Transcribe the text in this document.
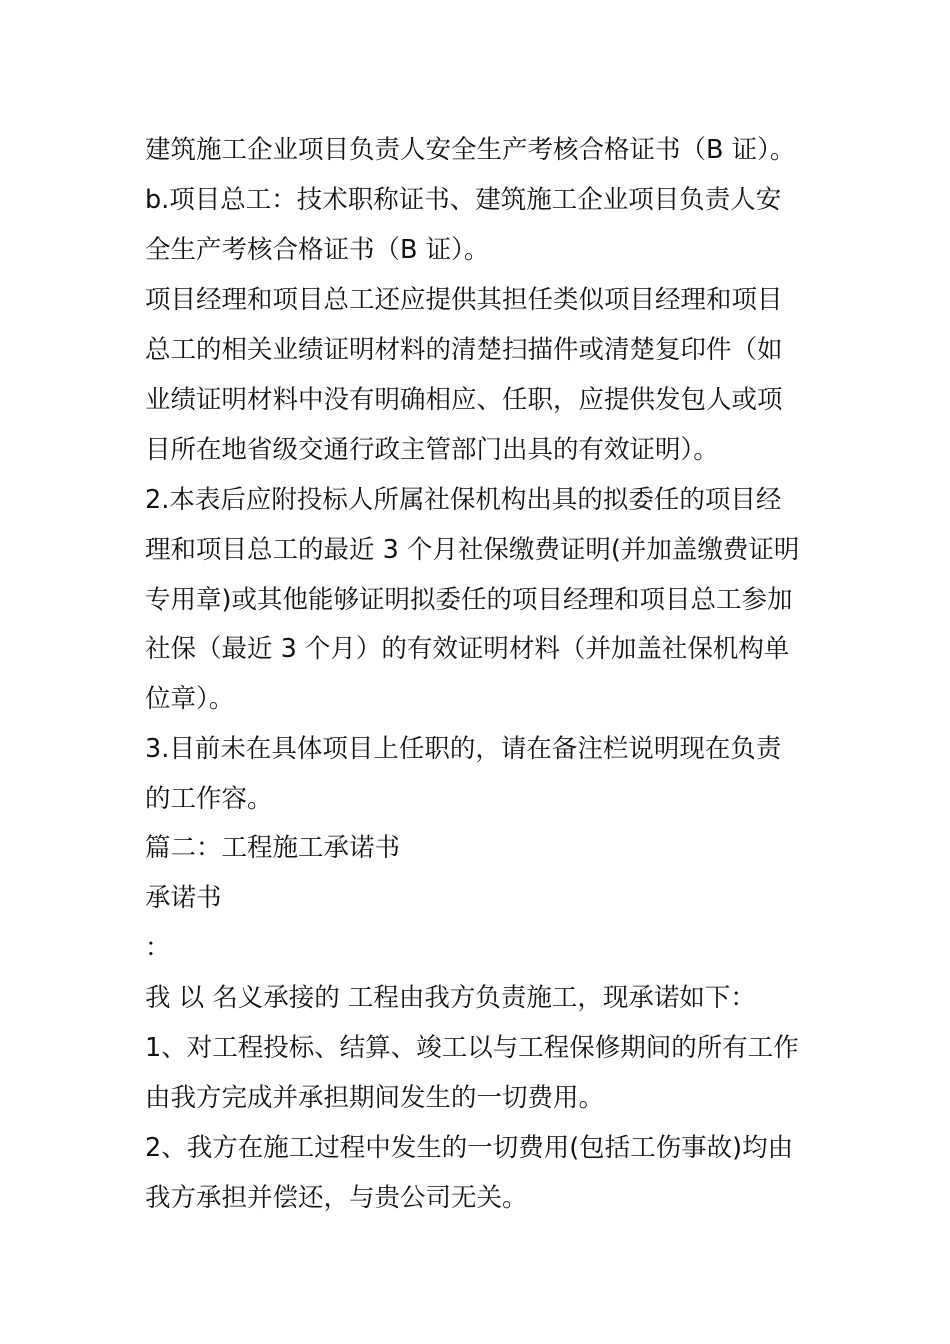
建筑施工企业项目负责人安全生产考核合格证书（B 证）。
b.项目总工：技术职称证书、建筑施工企业项目负责人安
全生产考核合格证书（B 证）。
项目经理和项目总工还应提供其担任类似项目经理和项目
总工的相关业绩证明材料的清楚扫描件或清楚复印件（如
业绩证明材料中没有明确相应、任职，应提供发包人或项
目所在地省级交通行政主管部门出具的有效证明）。
2.本表后应附投标人所属社保机构出具的拟委任的项目经
理和项目总工的最近 3 个月社保缴费证明(并加盖缴费证明
专用章)或其他能够证明拟委任的项目经理和项目总工参加
社保（最近 3 个月）的有效证明材料（并加盖社保机构单
位章）。
3.目前未在具体项目上任职的，请在备注栏说明现在负责
的工作容。
篇二：工程施工承诺书
承诺书
：
我 以 名义承接的 工程由我方负责施工，现承诺如下：
1、对工程投标、结算、竣工以与工程保修期间的所有工作
由我方完成并承担期间发生的一切费用。
2、我方在施工过程中发生的一切费用(包括工伤事故)均由
我方承担并偿还，与贵公司无关。
